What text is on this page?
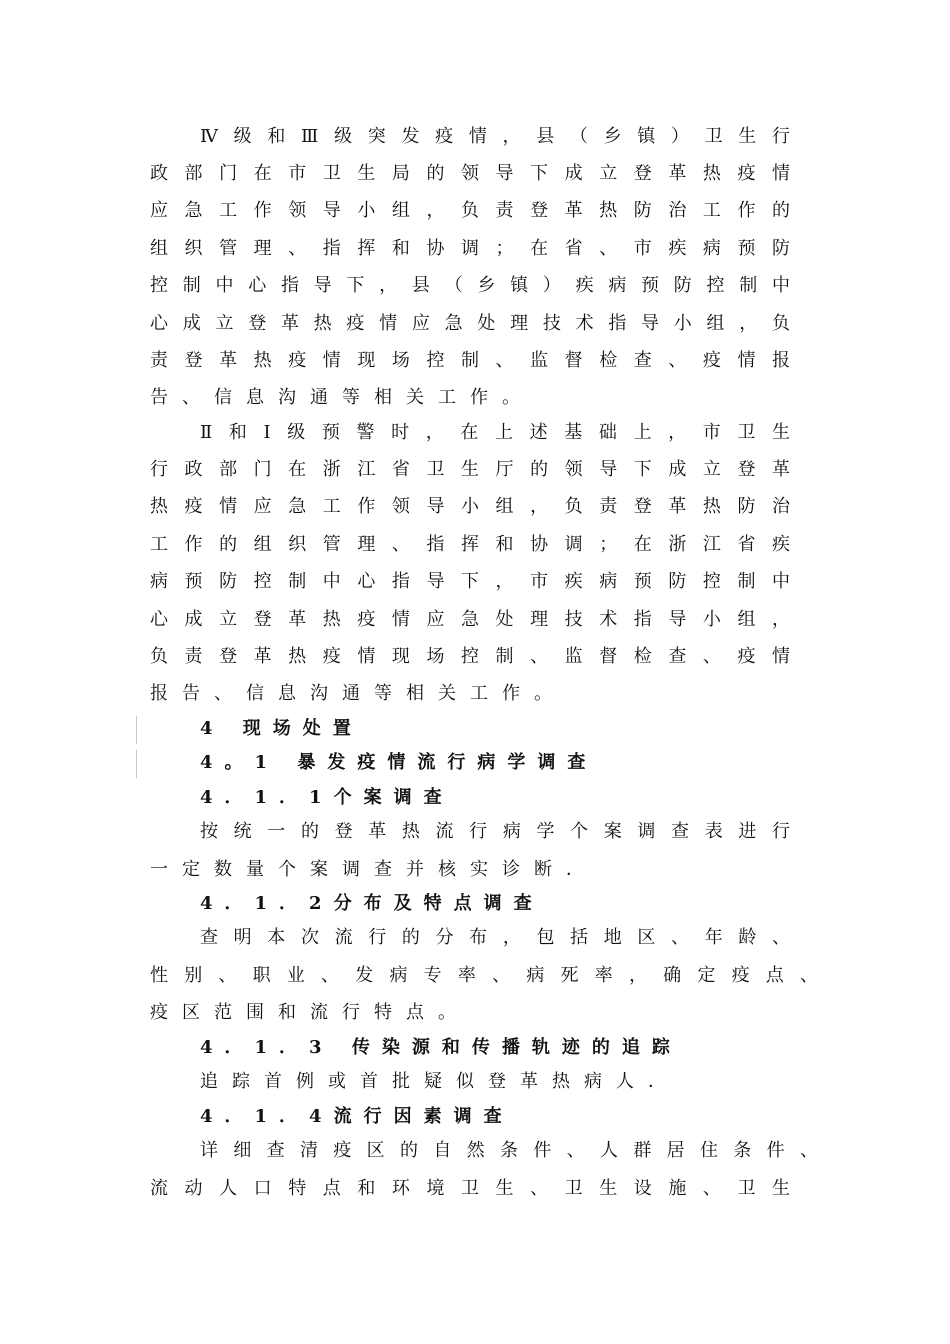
Ⅳ级和Ⅲ级突发疫情，县（乡镇）卫生行
政部门在市卫生局的领导下成立登革热疫情
应急工作领导小组，负责登革热防治工作的
组织管理、指挥和协调；在省、市疾病预防
控制中心指导下，县（乡镇）疾病预防控制中
心成立登革热疫情应急处理技术指导小组，负
责登革热疫情现场控制、监督检查、疫情报
告、信息沟通等相关工作。
Ⅱ和Ⅰ级预警时，在上述基础上，市卫生
行政部门在浙江省卫生厅的领导下成立登革
热疫情应急工作领导小组，负责登革热防治
工作的组织管理、指挥和协调；在浙江省疾
病预防控制中心指导下，市疾病预防控制中
心成立登革热疫情应急处理技术指导小组，
负责登革热疫情现场控制、监督检查、疫情
报告、信息沟通等相关工作。
4 现场处置
4。1 暴发疫情流行病学调查
4．1．1个案调查
按统一的登革热流行病学个案调查表进行
一定数量个案调查并核实诊断．
4．1．2分布及特点调查
查明本次流行的分布，包括地区、年龄、
性别、职业、发病专率、病死率，确定疫点、
疫区范围和流行特点。
4．1．3 传染源和传播轨迹的追踪
追踪首例或首批疑似登革热病人．
4．1．4流行因素调查
详细查清疫区的自然条件、人群居住条件、
流动人口特点和环境卫生、卫生设施、卫生
